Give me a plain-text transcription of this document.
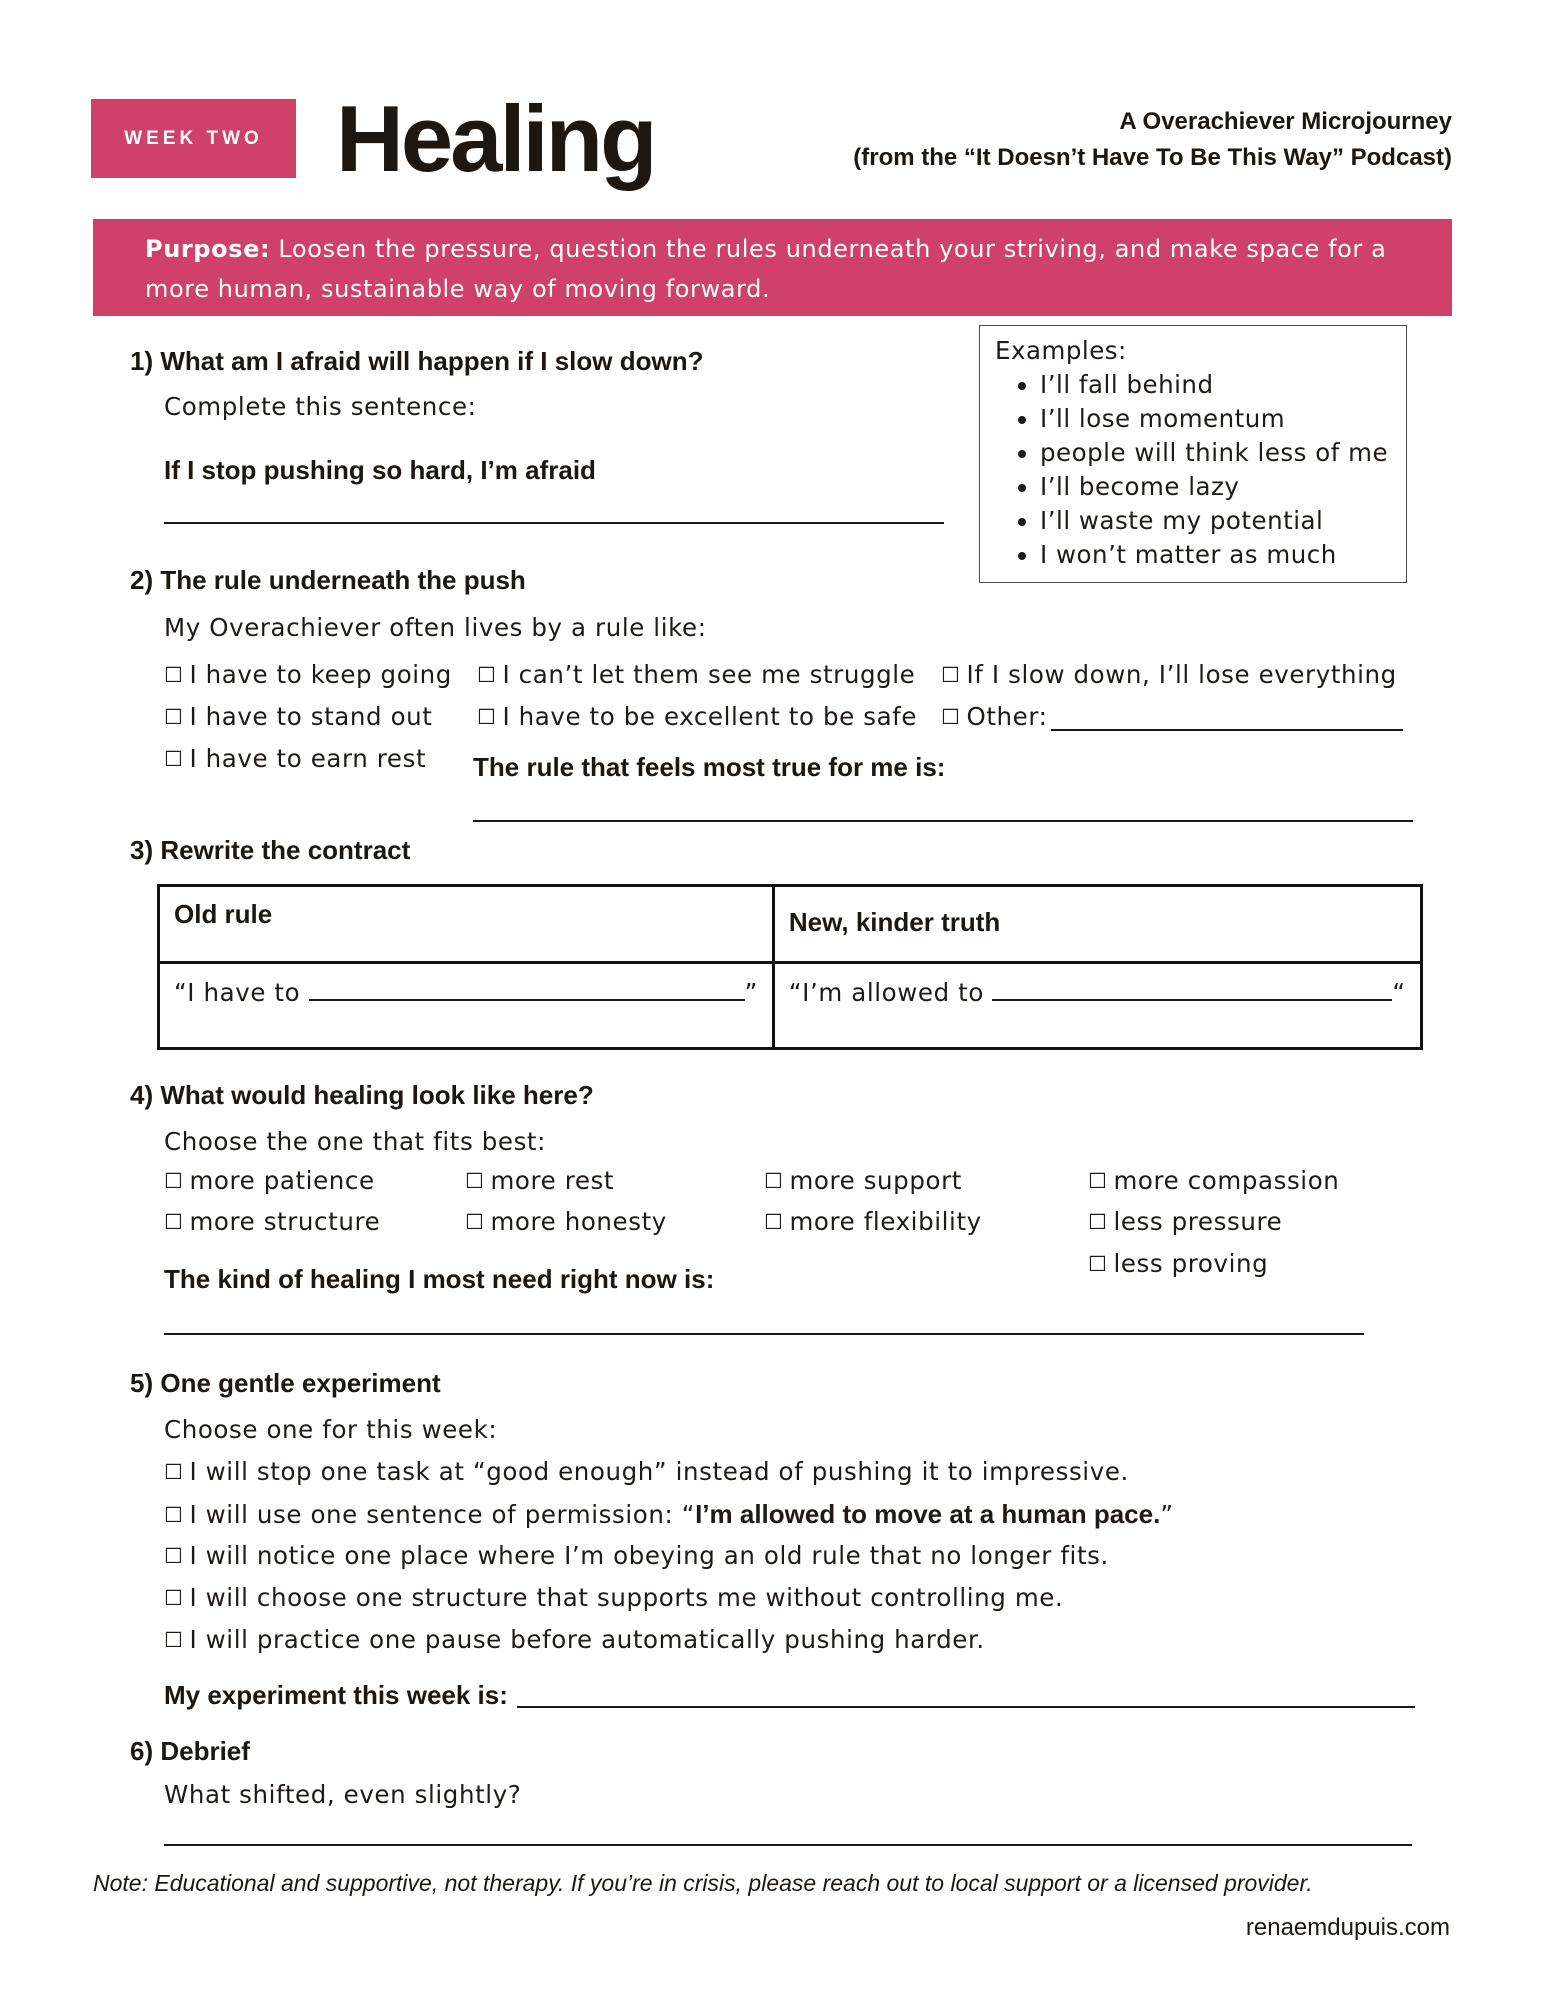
WEEK TWO Healing	A Overachiever Microjourney
(from the “It Doesn’t Have To Be This Way” Podcast)
Purpose: Loosen the pressure, question the rules underneath your striving, and make space for a more human, sustainable way of moving forward.
1) What am I afraid will happen if I slow down?
Complete this sentence:
If I stop pushing so hard, I’m afraid
Examples:
• I’ll fall behind
• I’ll lose momentum
• people will think less of me
• I’ll become lazy
• I’ll waste my potential
• I won’t matter as much
2) The rule underneath the push
My Overachiever often lives by a rule like:
☐ I have to keep going ☐ I can’t let them see me struggle ☐ If I slow down, I’ll lose everything
☐ I have to stand out ☐ I have to be excellent to be safe ☐ Other:
☐ I have to earn rest The rule that feels most true for me is:
3) Rewrite the contract
Old rule	New, kinder truth

“I have to ”	“I’m allowed to “
4) What would healing look like here?
Choose the one that fits best:
☐ more patience	☐ more rest	☐ more support	☐ more compassion
☐ more structure	☐ more honesty	☐ more flexibility	☐ less pressure
☐ less proving
The kind of healing I most need right now is:
5) One gentle experiment
Choose one for this week:
☐ I will stop one task at “good enough” instead of pushing it to impressive.
☐ I will use one sentence of permission: “I’m allowed to move at a human pace.”
☐ I will notice one place where I’m obeying an old rule that no longer fits.
☐ I will choose one structure that supports me without controlling me.
☐ I will practice one pause before automatically pushing harder.
My experiment this week is:
6) Debrief
What shifted, even slightly?
Note: Educational and supportive, not therapy. If you’re in crisis, please reach out to local support or a licensed provider.
renaemdupuis.com
